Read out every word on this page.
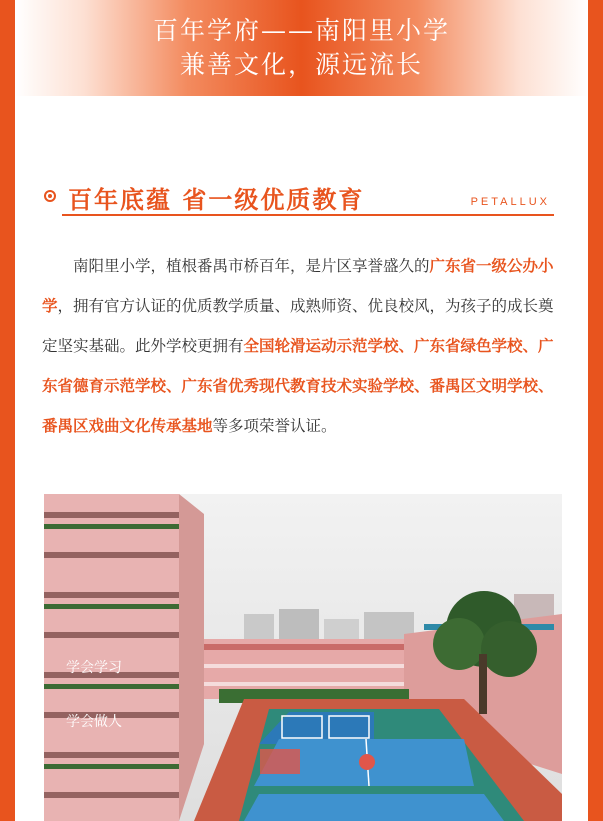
百年学府——南阳里小学
兼善文化，源远流长
百年底蕴 省一级优质教育	PETALLUX
南阳里小学，植根番禺市桥百年，是片区享誉盛久的广东省一级公办小学，拥有官方认证的优质教学质量、成熟师资、优良校风，为孩子的成长奠定坚实基础。此外学校更拥有全国轮滑运动示范学校、广东省绿色学校、广东省德育示范学校、广东省优秀现代教育技术实验学校、番禺区文明学校、番禺区戏曲文化传承基地等多项荣誉认证。
学会学习
学会做人
